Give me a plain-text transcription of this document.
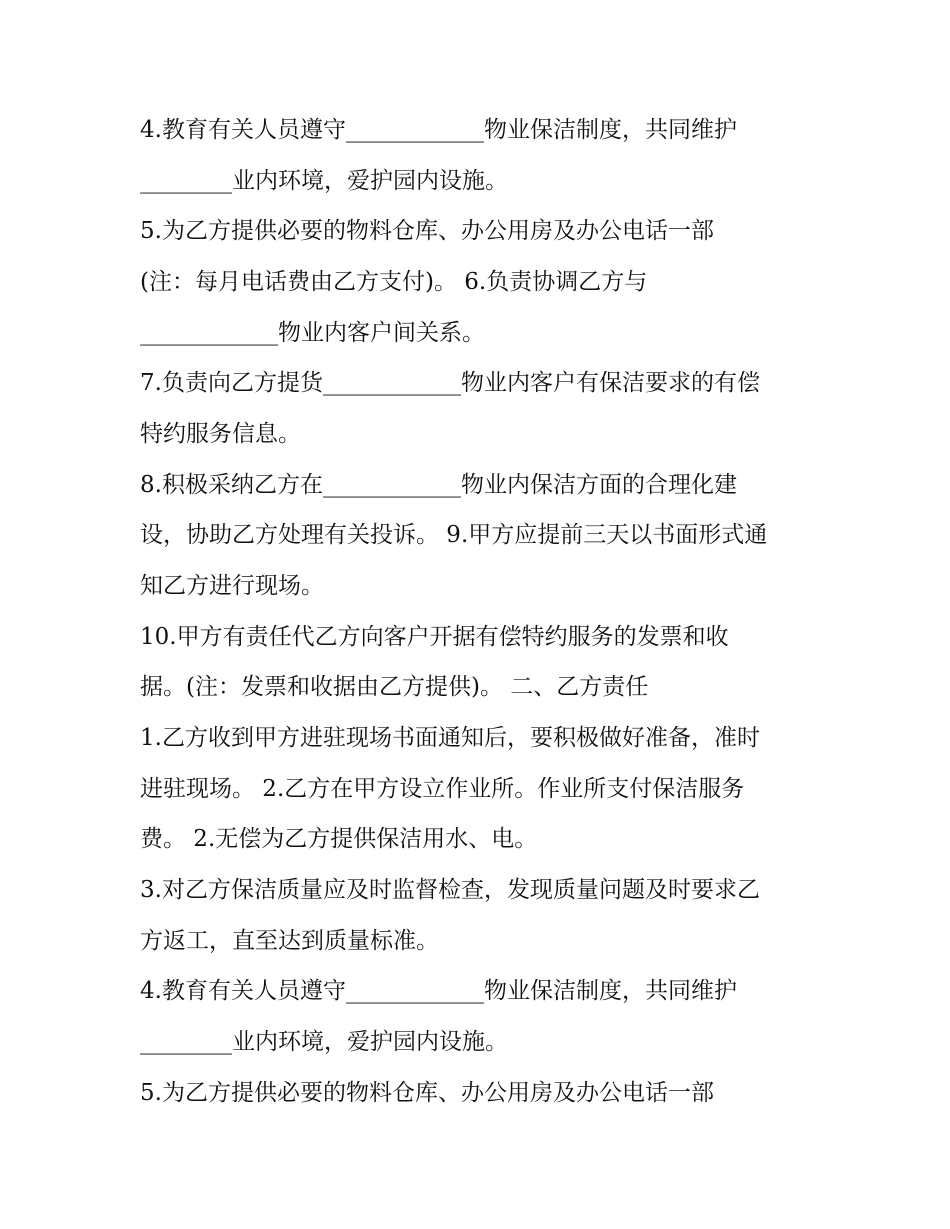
4.教育有关人员遵守____________物业保洁制度，共同维护
________业内环境，爱护园内设施。
5.为乙方提供必要的物料仓库、办公用房及办公电话一部
(注：每月电话费由乙方支付)。 6.负责协调乙方与
____________物业内客户间关系。
7.负责向乙方提货____________物业内客户有保洁要求的有偿
特约服务信息。
8.积极采纳乙方在____________物业内保洁方面的合理化建
设，协助乙方处理有关投诉。 9.甲方应提前三天以书面形式通
知乙方进行现场。
10.甲方有责任代乙方向客户开据有偿特约服务的发票和收
据。(注：发票和收据由乙方提供)。 二、乙方责任
1.乙方收到甲方进驻现场书面通知后，要积极做好准备，准时
进驻现场。 2.乙方在甲方设立作业所。作业所支付保洁服务
费。 2.无偿为乙方提供保洁用水、电。
3.对乙方保洁质量应及时监督检查，发现质量问题及时要求乙
方返工，直至达到质量标准。
4.教育有关人员遵守____________物业保洁制度，共同维护
________业内环境，爱护园内设施。
5.为乙方提供必要的物料仓库、办公用房及办公电话一部
